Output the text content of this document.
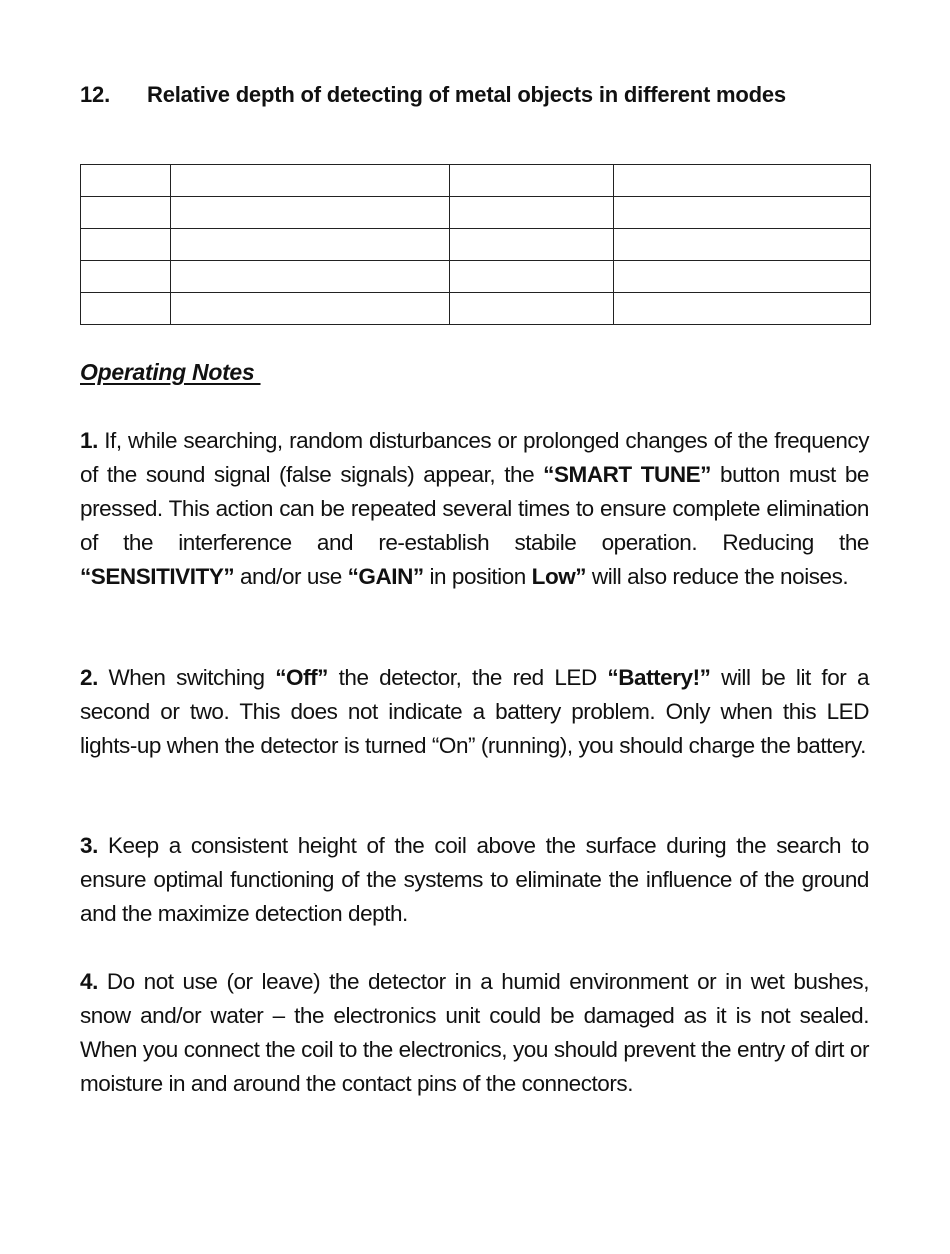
12. Relative depth of detecting of metal objects in different modes

Operating Notes

1. If, while searching, random disturbances or prolonged changes of the frequency of the sound signal (false signals) appear, the “SMART TUNE” button must be pressed. This action can be repeated several times to ensure complete elimination of the interference and re-establish stabile operation. Reducing the “SENSITIVITY” and/or use “GAIN” in position Low” will also reduce the noises.

2. When switching “Off” the detector, the red LED “Battery!” will be lit for a second or two. This does not indicate a battery problem. Only when this LED lights-up when the detector is turned “On” (running), you should charge the battery.

3. Keep a consistent height of the coil above the surface during the search to ensure optimal functioning of the systems to eliminate the influence of the ground and the maximize detection depth.

4. Do not use (or leave) the detector in a humid environment or in wet bushes, snow and/or water – the electronics unit could be damaged as it is not sealed. When you connect the coil to the electronics, you should prevent the entry of dirt or moisture in and around the contact pins of the connectors.
